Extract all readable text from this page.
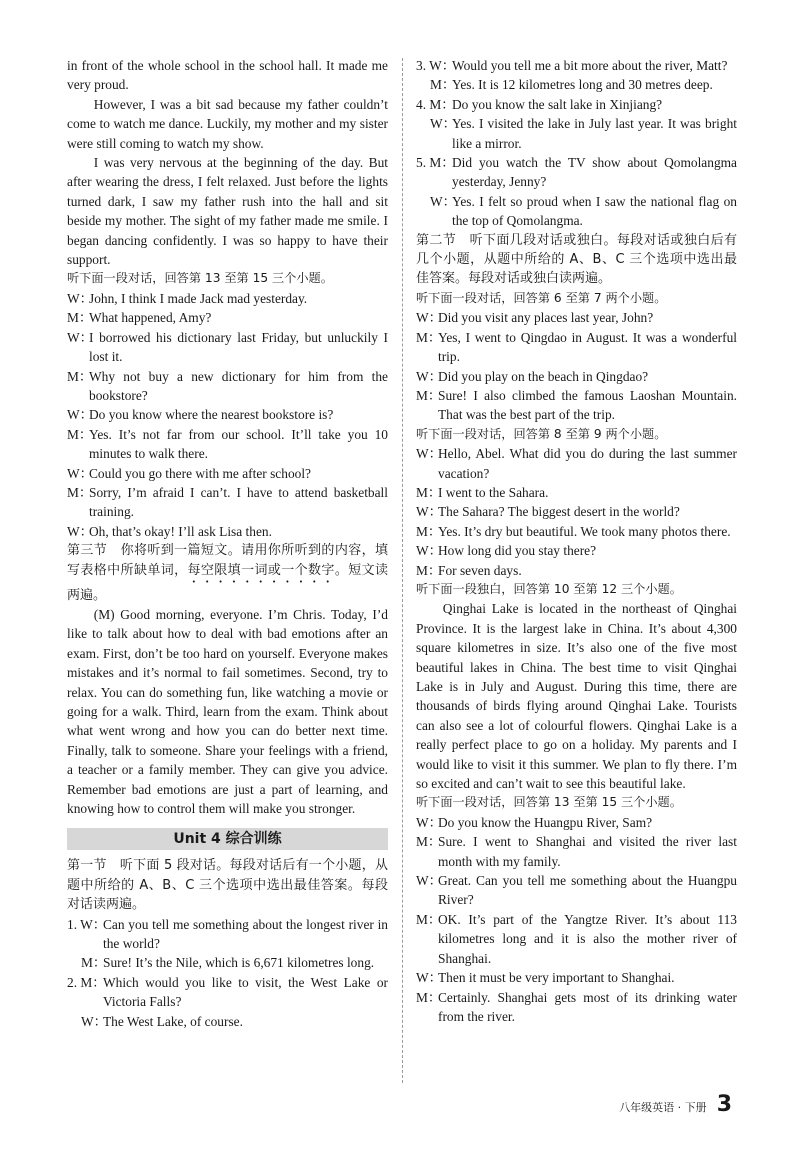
in front of the whole school in the school hall. It made me very proud.
However, I was a bit sad because my father couldn’t come to watch me dance. Luckily, my mother and my sister were still coming to watch my show.
I was very nervous at the beginning of the day. But after wearing the dress, I felt relaxed. Just before the lights turned dark, I saw my father rush into the hall and sit beside my mother. The sight of my father made me smile. I began dancing confidently. I was so happy to have their support.
听下面一段对话，回答第 13 至第 15 三个小题。
W：
John, I think I made Jack mad yesterday.
M：
What happened, Amy?
W：
I borrowed his dictionary last Friday, but unluckily I lost it.
M：
Why not buy a new dictionary for him from the bookstore?
W：
Do you know where the nearest bookstore is?
M：
Yes. It’s not far from our school. It’ll take you 10 minutes to walk there.
W：
Could you go there with me after school?
M：
Sorry, I’m afraid I can’t. I have to attend basketball training.
W：
Oh, that’s okay! I’ll ask Lisa then.
第三节　你将听到一篇短文。请用你所听到的内容，填写表格中所缺单词，每空限填一词或一个数字。短文读两遍。
(M) Good morning, everyone. I’m Chris. Today, I’d like to talk about how to deal with bad emotions after an exam. First, don’t be too hard on yourself. Everyone makes mistakes and it’s normal to fail sometimes. Second, try to relax. You can do something fun, like watching a movie or going for a walk. Third, learn from the exam. Think about what went wrong and how you can do better next time. Finally, talk to someone. Share your feelings with a friend, a teacher or a family member. They can give you advice. Remember bad emotions are just a part of learning, and knowing how to control them will make you stronger.
Unit 4 综合训练
第一节　听下面 5 段对话。每段对话后有一个小题，从题中所给的 A、B、C 三个选项中选出最佳答案。每段对话读两遍。
1. W：
Can you tell me something about the longest river in the world?
M：
Sure! It’s the Nile, which is 6,671 kilometres long.
2. M：
Which would you like to visit, the West Lake or Victoria Falls?
W：
The West Lake, of course.
3. W：
Would you tell me a bit more about the river, Matt?
M：
Yes. It is 12 kilometres long and 30 metres deep.
4. M：
Do you know the salt lake in Xinjiang?
W：
Yes. I visited the lake in July last year. It was bright like a mirror.
5. M：
Did you watch the TV show about Qomolangma yesterday, Jenny?
W：
Yes. I felt so proud when I saw the national flag on the top of Qomolangma.
第二节　听下面几段对话或独白。每段对话或独白后有几个小题，从题中所给的 A、B、C 三个选项中选出最佳答案。每段对话或独白读两遍。
听下面一段对话，回答第 6 至第 7 两个小题。
W：
Did you visit any places last year, John?
M：
Yes, I went to Qingdao in August. It was a wonderful trip.
W：
Did you play on the beach in Qingdao?
M：
Sure! I also climbed the famous Laoshan Mountain. That was the best part of the trip.
听下面一段对话，回答第 8 至第 9 两个小题。
W：
Hello, Abel. What did you do during the last summer vacation?
M：
I went to the Sahara.
W：
The Sahara? The biggest desert in the world?
M：
Yes. It’s dry but beautiful. We took many photos there.
W：
How long did you stay there?
M：
For seven days.
听下面一段独白，回答第 10 至第 12 三个小题。
Qinghai Lake is located in the northeast of Qinghai Province. It is the largest lake in China. It’s about 4,300 square kilometres in size. It’s also one of the five most beautiful lakes in China. The best time to visit Qinghai Lake is in July and August. During this time, there are thousands of birds flying around Qinghai Lake. Tourists can also see a lot of colourful flowers. Qinghai Lake is a really perfect place to go on a holiday. My parents and I would like to visit it this summer. We plan to fly there. I’m so excited and can’t wait to see this beautiful lake.
听下面一段对话，回答第 13 至第 15 三个小题。
W：
Do you know the Huangpu River, Sam?
M：
Sure. I went to Shanghai and visited the river last month with my family.
W：
Great. Can you tell me something about the Huangpu River?
M：
OK. It’s part of the Yangtze River. It’s about 113 kilometres long and it is also the mother river of Shanghai.
W：
Then it must be very important to Shanghai.
M：
Certainly. Shanghai gets most of its drinking water from the river.
八年级英语 · 下册 3
